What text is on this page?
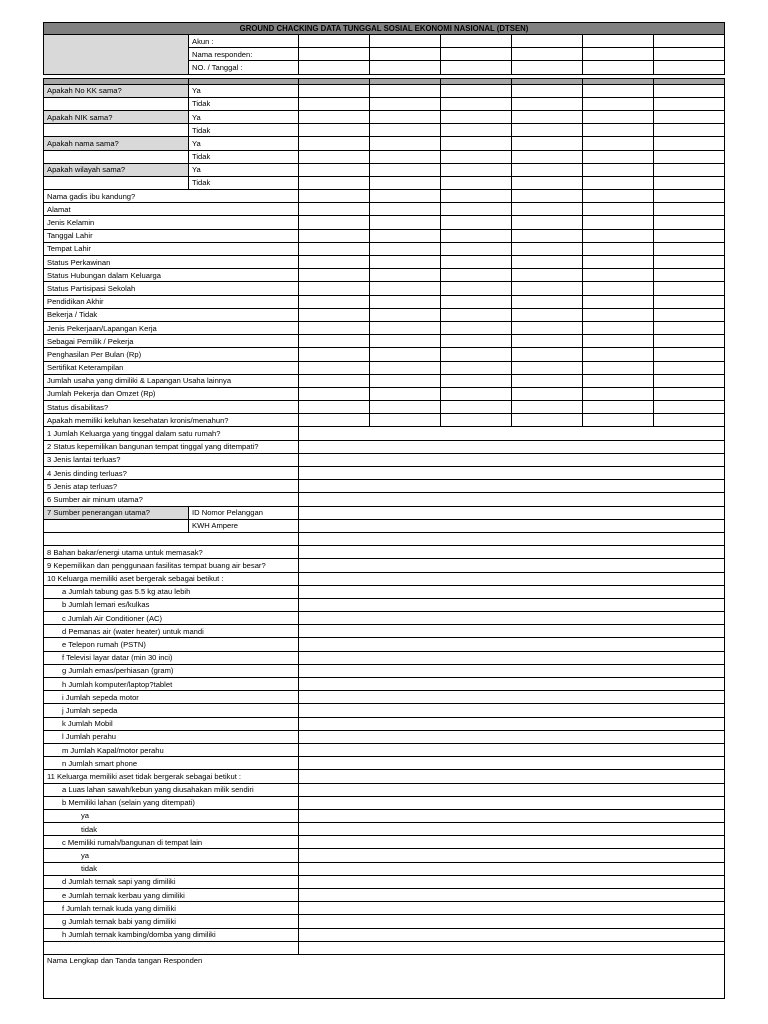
GROUND CHACKING DATA TUNGGAL SOSIAL EKONOMI NASIONAL (DTSEN)							
	Akun :						
	Nama responden:						
	NO. / Tanggal :						

Apakah No KK sama?	Ya						
	Tidak						
Apakah NIK sama?	Ya						
	Tidak						
Apakah nama sama?	Ya						
	Tidak						
Apakah wilayah sama?	Ya						
	Tidak						
Nama gadis ibu kandung?							
Alamat							
Jenis Kelamin							
Tanggal Lahir							
Tempat Lahir							
Status Perkawinan							
Status Hubungan dalam Keluarga							
Status Partisipasi Sekolah							
Pendidikan Akhir							
Bekerja / Tidak							
Jenis Pekerjaan/Lapangan Kerja							
Sebagai Pemilik / Pekerja							
Penghasilan Per Bulan (Rp)							
Sertifikat Keterampilan							
Jumlah usaha yang dimiliki & Lapangan Usaha lainnya							
Jumlah Pekerja dan Omzet (Rp)							
Status disabilitas?							
Apakah memiliki keluhan kesehatan kronis/menahun?							
1 Jumlah Keluarga yang tinggal dalam satu rumah?							
2 Status kepemilikan bangunan tempat tinggal yang ditempati?							
3 Jenis lantai terluas?							
4 Jenis dinding terluas?							
5 Jenis atap terluas?							
6 Sumber air minum utama?							
7 Sumber penerangan utama?	ID Nomor Pelanggan						
	KWH Ampere						

8 Bahan bakar/energi utama untuk memasak?							
9 Kepemilikan dan penggunaan fasilitas tempat buang air besar?							
10 Keluarga memiliki aset bergerak sebagai betikut :							
a Jumlah tabung gas 5.5 kg atau lebih							
b Jumlah lemari es/kulkas							
c Jumlah Air Conditioner (AC)							
d Pemanas air (water heater) untuk mandi							
e Telepon rumah (PSTN)							
f Televisi layar datar (min 30 inci)							
g Jumlah emas/perhiasan (gram)							
h Jumlah komputer/laptop?tablet							
i Jumlah sepeda motor							
j Jumlah sepeda							
k Jumlah Mobil							
l Jumlah perahu							
m Jumlah Kapal/motor perahu							
n Jumlah smart phone							
11 Keluarga memiliki aset tidak bergerak sebagai betikut :							
a Luas lahan sawah/kebun yang diusahakan milik sendiri							
b Memiliki lahan (selain yang ditempati)							
ya							
tidak							
c Memiliki rumah/bangunan di tempat lain							
ya							
tidak							
d Jumlah ternak sapi yang dimiliki							
e Jumlah ternak kerbau yang dimiliki							
f Jumlah ternak kuda yang dimiliki							
g Jumlah ternak babi yang dimiliki							
h Jumlah ternak kambing/domba yang dimiliki							

Nama Lengkap dan Tanda tangan Responden							
